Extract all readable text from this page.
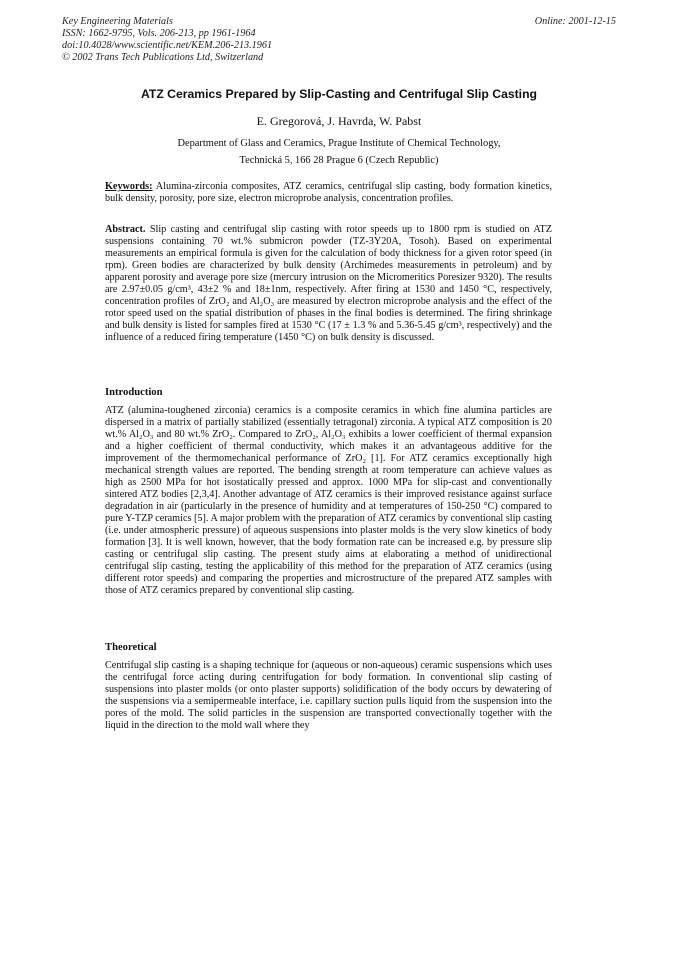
Key Engineering Materials
ISSN: 1662-9795, Vols. 206-213, pp 1961-1964
doi:10.4028/www.scientific.net/KEM.206-213.1961
© 2002 Trans Tech Publications Ltd, Switzerland
Online: 2001-12-15
ATZ Ceramics Prepared by Slip-Casting and Centrifugal Slip Casting
E. Gregorová, J. Havrda, W. Pabst
Department of Glass and Ceramics, Prague Institute of Chemical Technology,
Technická 5, 166 28 Prague 6 (Czech Republic)
Keywords: Alumina-zirconia composites, ATZ ceramics, centrifugal slip casting, body formation kinetics, bulk density, porosity, pore size, electron microprobe analysis, concentration profiles.
Abstract. Slip casting and centrifugal slip casting with rotor speeds up to 1800 rpm is studied on ATZ suspensions containing 70 wt.% submicron powder (TZ-3Y20A, Tosoh). Based on experimental measurements an empirical formula is given for the calculation of body thickness for a given rotor speed (in rpm). Green bodies are characterized by bulk density (Archimedes measurements in petroleum) and by apparent porosity and average pore size (mercury intrusion on the Micromeritics Poresizer 9320). The results are 2.97±0.05 g/cm³, 43±2 % and 18±1nm, respectively. After firing at 1530 and 1450 °C, respectively, concentration profiles of ZrO₂ and Al₂O₃ are measured by electron microprobe analysis and the effect of the rotor speed used on the spatial distribution of phases in the final bodies is determined. The firing shrinkage and bulk density is listed for samples fired at 1530 °C (17 ± 1.3 % and 5.36-5.45 g/cm³, respectively) and the influence of a reduced firing temperature (1450 °C) on bulk density is discussed.
Introduction
ATZ (alumina-toughened zirconia) ceramics is a composite ceramics in which fine alumina particles are dispersed in a matrix of partially stabilized (essentially tetragonal) zirconia. A typical ATZ composition is 20 wt.% Al₂O₃ and 80 wt.% ZrO₂. Compared to ZrO₂, Al₂O₃ exhibits a lower coefficient of thermal expansion and a higher coefficient of thermal conductivity, which makes it an advantageous additive for the improvement of the thermomechanical performance of ZrO₂ [1]. For ATZ ceramics exceptionally high mechanical strength values are reported. The bending strength at room temperature can achieve values as high as 2500 MPa for hot isostatically pressed and approx. 1000 MPa for slip-cast and conventionally sintered ATZ bodies [2,3,4]. Another advantage of ATZ ceramics is their improved resistance against surface degradation in air (particularly in the presence of humidity and at temperatures of 150-250 °C) compared to pure Y-TZP ceramics [5]. A major problem with the preparation of ATZ ceramics by conventional slip casting (i.e. under atmospheric pressure) of aqueous suspensions into plaster molds is the very slow kinetics of body formation [3]. It is well known, however, that the body formation rate can be increased e.g. by pressure slip casting or centrifugal slip casting. The present study aims at elaborating a method of unidirectional centrifugal slip casting, testing the applicability of this method for the preparation of ATZ ceramics (using different rotor speeds) and comparing the properties and microstructure of the prepared ATZ samples with those of ATZ ceramics prepared by conventional slip casting.
Theoretical
Centrifugal slip casting is a shaping technique for (aqueous or non-aqueous) ceramic suspensions which uses the centrifugal force acting during centrifugation for body formation. In conventional slip casting of suspensions into plaster molds (or onto plaster supports) solidification of the body occurs by dewatering of the suspensions via a semipermeable interface, i.e. capillary suction pulls liquid from the suspension into the pores of the mold. The solid particles in the suspension are transported convectionally together with the liquid in the direction to the mold wall where they
